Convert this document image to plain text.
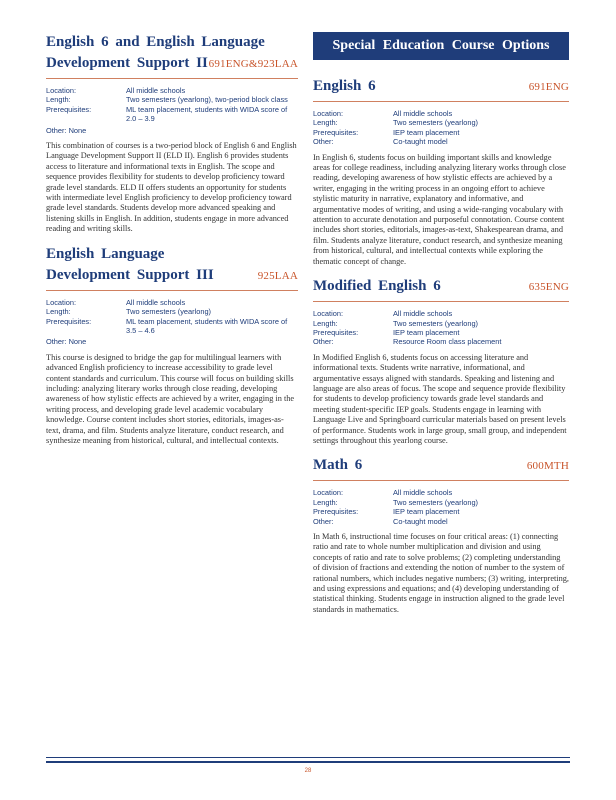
English 6 and English Language
Development Support II 691ENG&923LAA
Location:	All middle schools
Length:	Two semesters (yearlong), two-period block class
Prerequisites:	ML team placement, students with WIDA score of 2.0 – 3.9
Other: None

This combination of courses is a two-period block of English 6 and English Language Development Support II (ELD II). English 6 provides students access to literature and informational texts in English. The scope and sequence provides flexibility for students to develop proficiency toward grade level standards. ELD II offers students an opportunity for students with intermediate level English proficiency to develop proficiency toward grade level standards. Students develop more advanced speaking and listening skills in English. In addition, students engage in more advanced reading and writing skills.

English Language
Development Support III	925LAA
Location:	All middle schools
Length:	Two semesters (yearlong)
Prerequisites:	ML team placement, students with WIDA score of 3.5 – 4.6
Other: None

This course is designed to bridge the gap for multilingual learners with advanced English proficiency to increase accessibility to grade level content standards and curriculum. This course will focus on building skills including: analyzing literary works through close reading, developing awareness of how stylistic effects are achieved by a writer, engaging in the writing process, and developing grade level academic vocabulary knowledge. Course content includes short stories, editorials, images-as-text, drama, and film. Students analyze literature, conduct research, and synthesize meaning from historical, cultural, and intellectual contexts.

Special Education Course Options
English 6	691ENG
Location:	All middle schools
Length:	Two semesters (yearlong)
Prerequisites:	IEP team placement
Other:	Co-taught model

In English 6, students focus on building important skills and knowledge areas for college readiness, including analyzing literary works through close reading, developing awareness of how stylistic effects are achieved by a writer, engaging in the writing process in an ongoing effort to achieve stylistic maturity in narrative, explanatory and informative, and argumentative modes of writing, and using a wide-ranging vocabulary with attention to accurate denotation and purposeful connotation. Course content includes short stories, editorials, images-as-text, Shakespearean drama, and film. Students analyze literature, conduct research, and synthesize meaning from historical, cultural, and intellectual contexts while exploring the thematic concept of change.

Modified English 6	635ENG
Location:	All middle schools
Length:	Two semesters (yearlong)
Prerequisites:	IEP team placement
Other:	Resource Room class placement

In Modified English 6, students focus on accessing literature and informational texts. Students write narrative, informational, and argumentative essays aligned with standards. Speaking and listening and language are also areas of focus. The scope and sequence provide flexibility for students to develop proficiency towards grade level standards and meeting student-specific IEP goals. Students engage in learning with Language Live and Springboard curricular materials based on present levels of performance. Students work in large group, small group, and independent settings throughout this yearlong course.

Math 6	600MTH
Location:	All middle schools
Length:	Two semesters (yearlong)
Prerequisites:	IEP team placement
Other:	Co-taught model

In Math 6, instructional time focuses on four critical areas: (1) connecting ratio and rate to whole number multiplication and division and using concepts of ratio and rate to solve problems; (2) completing understanding of division of fractions and extending the notion of number to the system of rational numbers, which includes negative numbers; (3) writing, interpreting, and using expressions and equations; and (4) developing understanding of statistical thinking. Students engage in instruction aligned to the grade level standards in mathematics.

28
